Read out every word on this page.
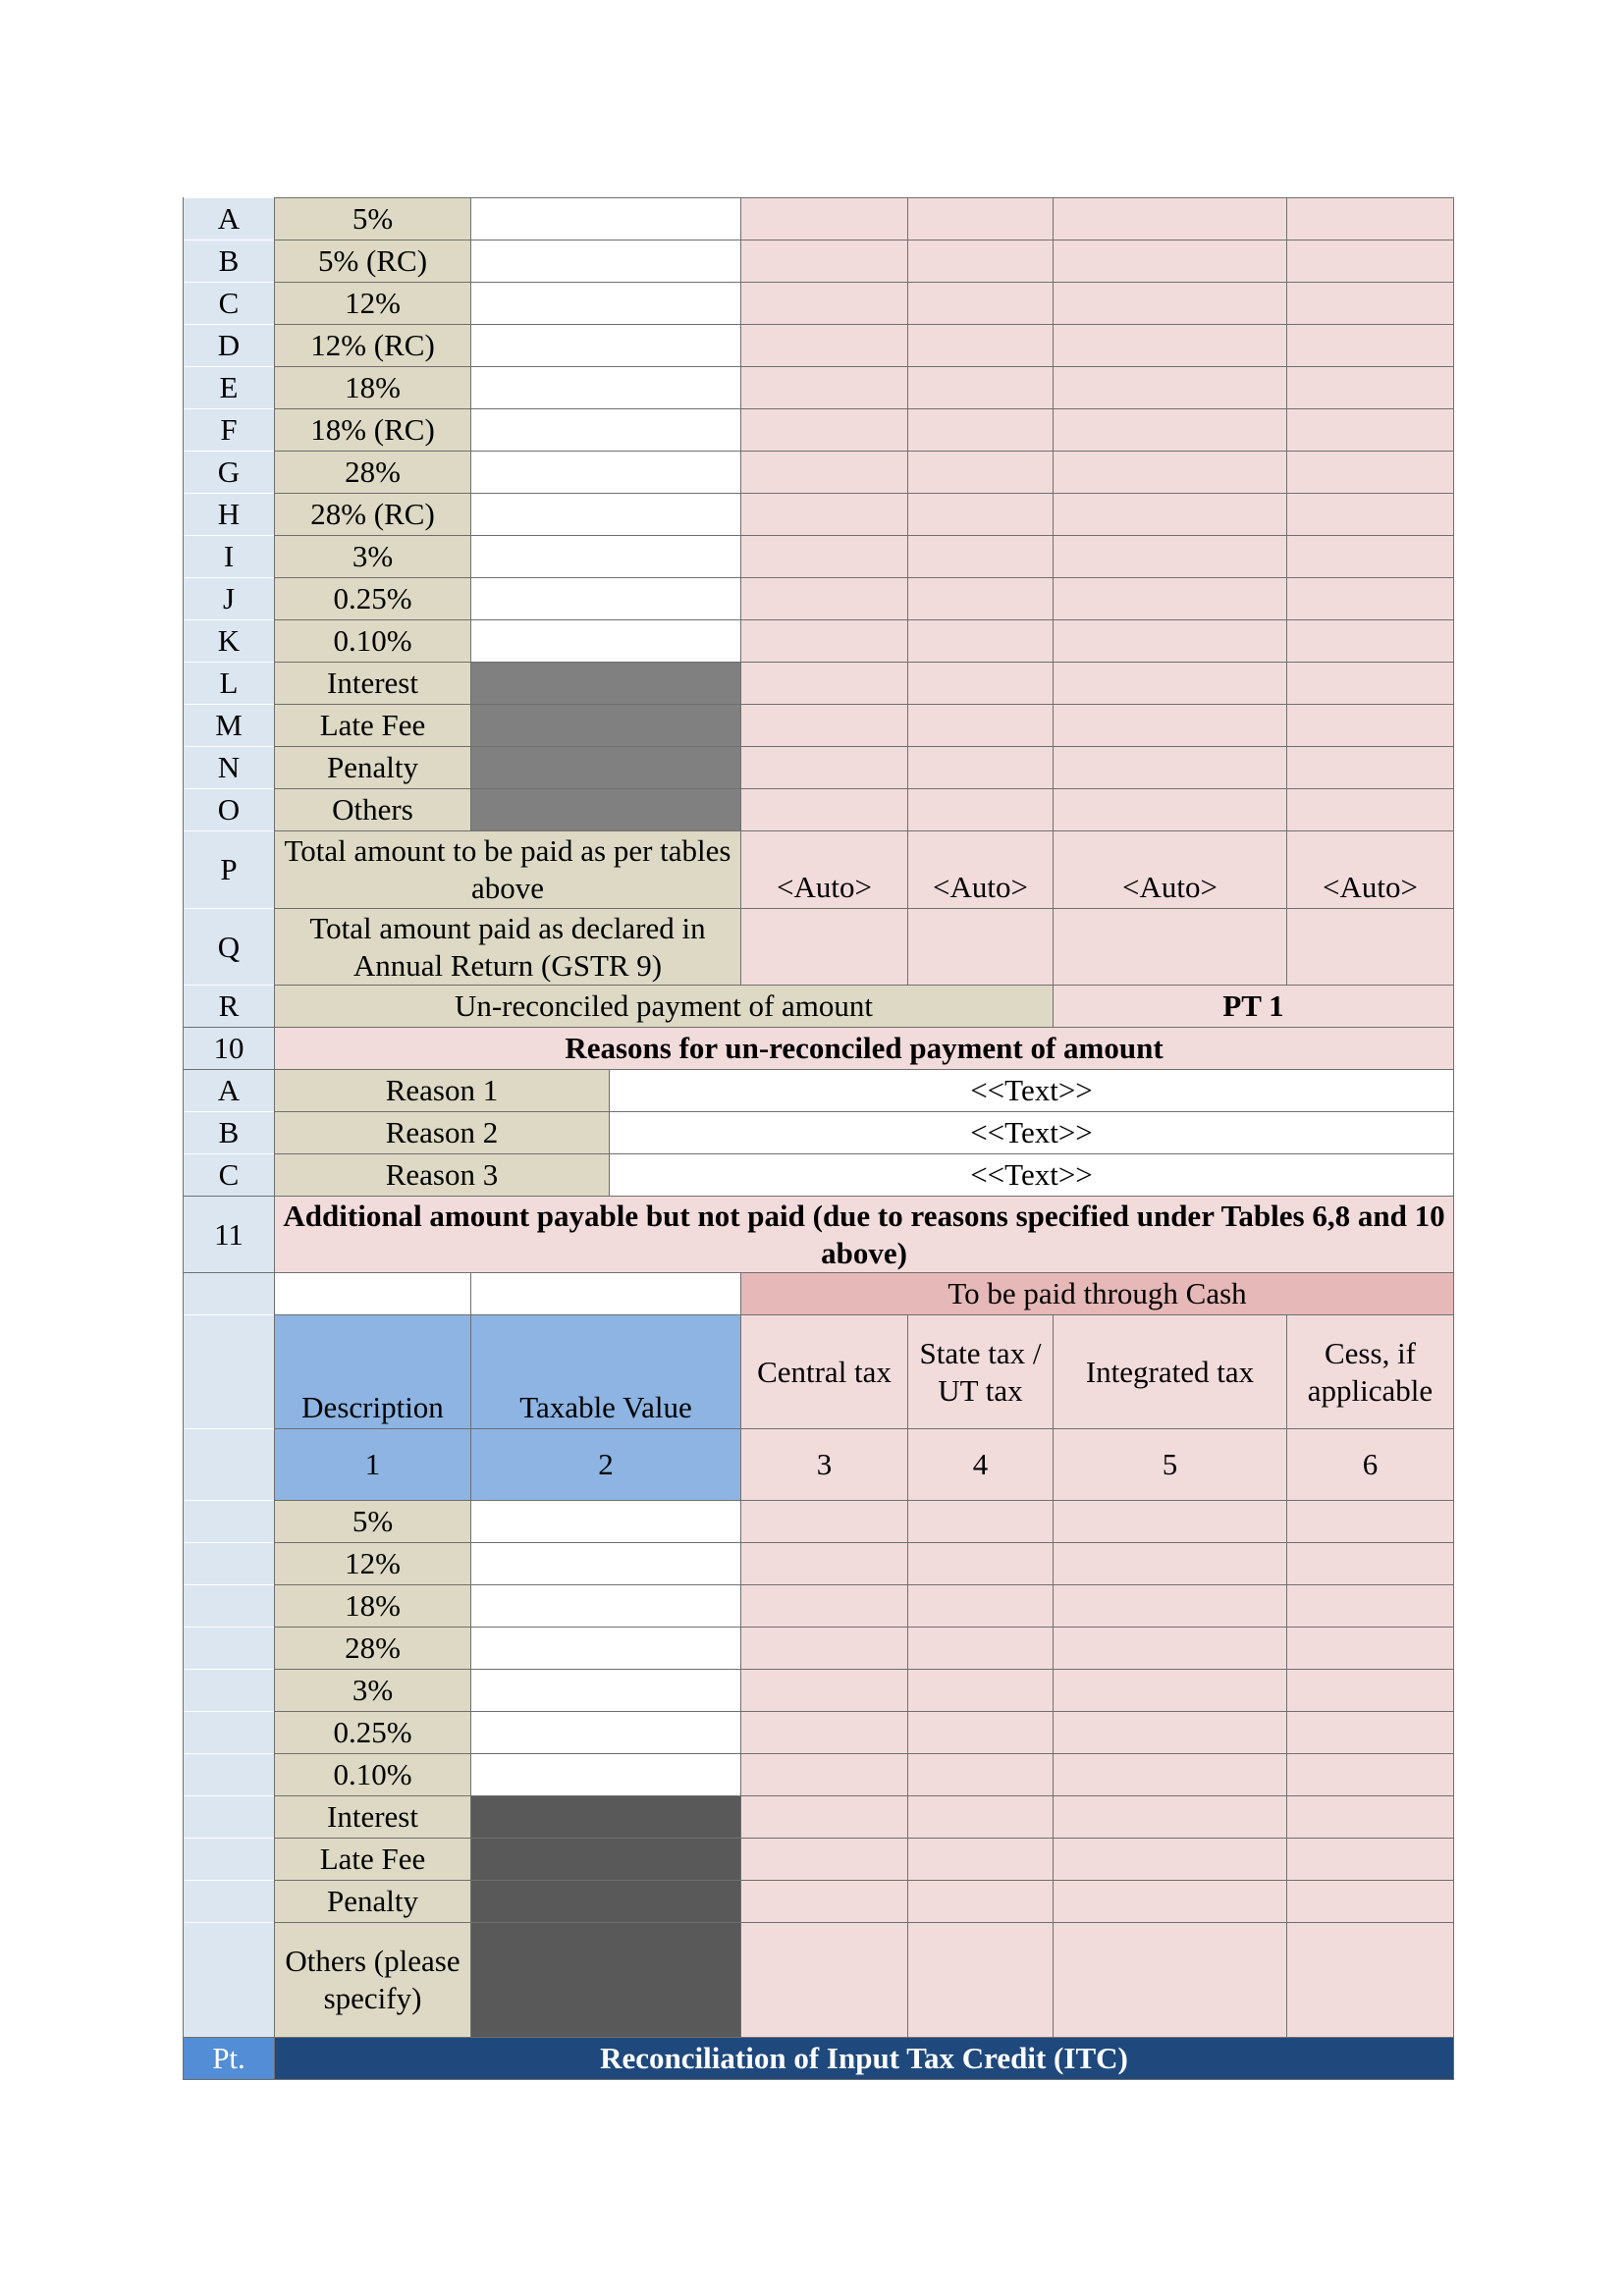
A	5%						
B	5% (RC)						
C	12%						
D	12% (RC)						
E	18%						
F	18% (RC)						
G	28%						
H	28% (RC)						
I	3%						
J	0.25%						
K	0.10%						
L	Interest						
M	Late Fee						
N	Penalty						
O	Others						
P	Total amount to be paid as per tables above			<Auto>	<Auto>	<Auto>	<Auto>
Q	Total amount paid as declared in Annual Return (GSTR 9)						
R	Un-reconciled payment of amount					PT 1	
10	Reasons for un-reconciled payment of amount						
A	Reason 1		<<Text>>				
B	Reason 2		<<Text>>				
C	Reason 3		<<Text>>				
11	Additional amount payable but not paid (due to reasons specified under Tables 6,8 and 10 above)						
				To be paid through Cash			
	Description	Taxable Value		Central tax	State tax / UT tax	Integrated tax	Cess, if applicable
	1	2		3	4	5	6
	5%						
	12%						
	18%						
	28%						
	3%						
	0.25%						
	0.10%						
	Interest						
	Late Fee						
	Penalty						
	Others (please specify)						
Pt.	Reconciliation of Input Tax Credit (ITC)						
